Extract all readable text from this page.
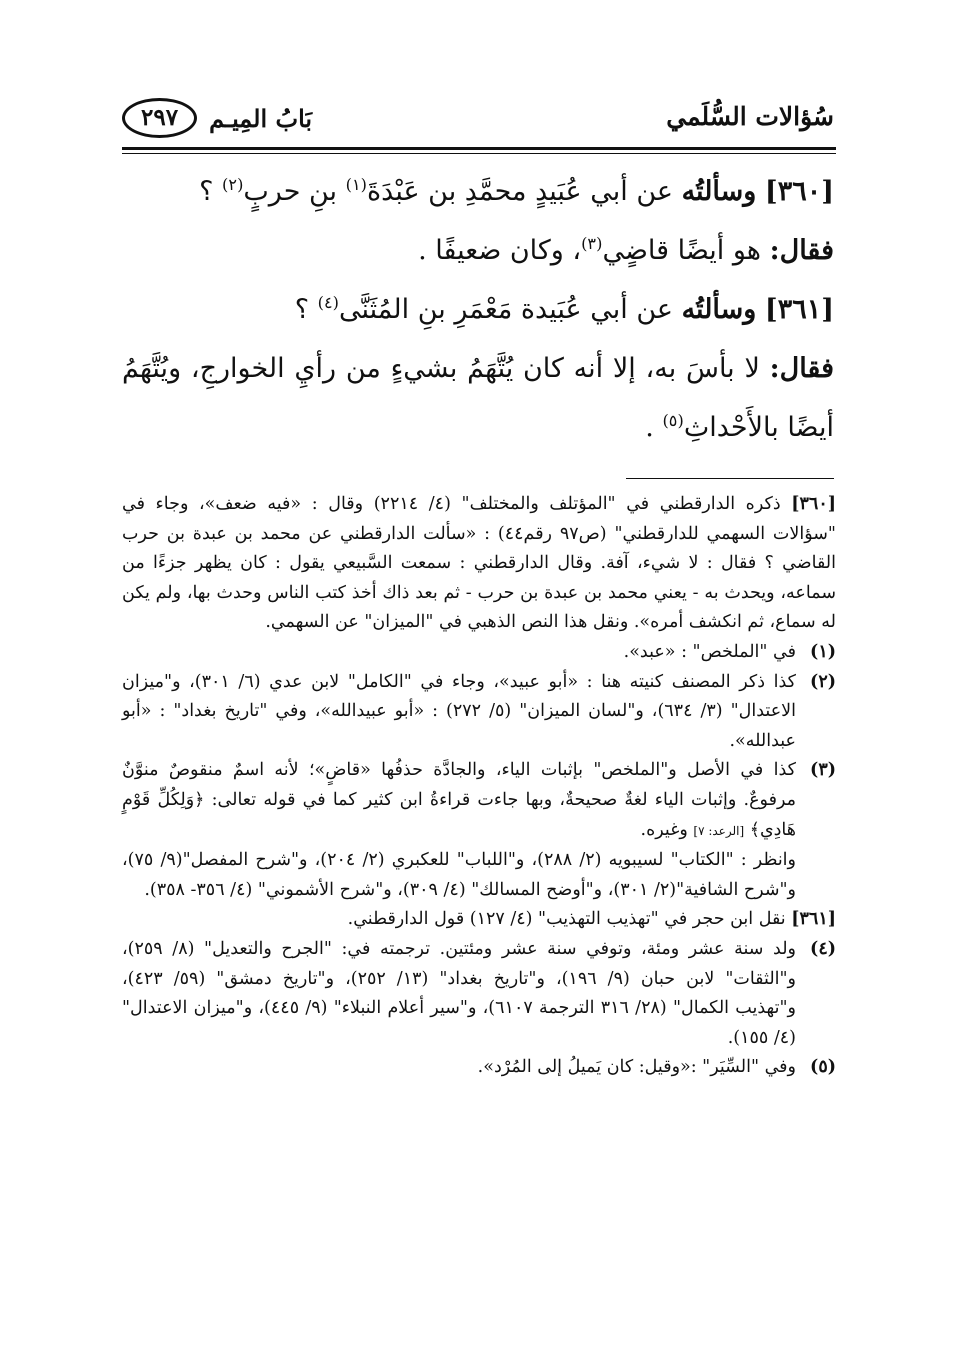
سُؤالات السُّلَمي
بَابُ المِيـم
٢٩٧

[٣٦٠] وسألتُه عن أبي عُبَيدٍ محمَّدِ بن عَبْدَةَ$^{(١)}$ بنِ حربٍ$^{(٢)}$ ؟

فقال: هو أيضًا قاضٍي$^{(٣)}$، وكان ضعيفًا .

[٣٦١] وسألتُه عن أبي عُبَيدة مَعْمَرِ بنِ المُثَنَّى$^{(٤)}$ ؟

فقال: لا بأسَ به، إلا أنه كان يُتَّهَمُ بشيءٍ من رأيِ الخوارجِ، ويُتَّهَمُ أيضًا بالأَحْداثِ$^{(٥)}$ .

[٣٦٠] ذكره الدارقطني في "المؤتلف والمختلف" (٤/ ٢٢١٤) وقال : «فيه ضعف»، وجاء في "سؤالات السهمي للدارقطني" (ص٩٧ رقم٤٤) : «سألت الدارقطني عن محمد بن عبدة بن حرب القاضي ؟ فقال : لا شيء، آفة. وقال الدارقطني : سمعت السَّبيعي يقول : كان يظهر جزءًا من سماعه، ويحدث به - يعني محمد بن عبدة بن حرب - ثم بعد ذاك أخذ كتب الناس وحدث بها، ولم يكن له سماع، ثم انكشف أمره». ونقل هذا النص الذهبي في "الميزان" عن السهمي.

(١)
في "الملخص" : «عبد».
(٢)
كذا ذكر المصنف كنيته هنا : «أبو عبيد»، وجاء في "الكامل" لابن عدي (٦/ ٣٠١)، و"ميزان الاعتدال" (٣/ ٦٣٤)، و"لسان الميزان" (٥/ ٢٧٢) : «أبو عبيدالله»، وفي "تاريخ بغداد" : «أبو عبدالله».
(٣)
كذا في الأصل و"الملخص" بإثبات الياء، والجادَّة حذفُها «قاضٍ»؛ لأنه اسمٌ منقوصٌ منوَّنٌ مرفوعٌ. وإثبات الياء لغةٌ صحيحةٌ، وبها جاءت قراءةُ ابن كثير كما في قوله تعالى: ﴿وَلِكُلِّ قَوْمٍ هَادِي﴾ [الرعد: ٧] وغيره.
وانظر : "الكتاب" لسيبويه (٢/ ٢٨٨)، و"اللباب" للعكبري (٢/ ٢٠٤)، و"شرح المفصل"(٩/ ٧٥)، و"شرح الشافية"(٢/ ٣٠١)، و"أوضح المسالك" (٤/ ٣٠٩)، و"شرح الأشموني" (٤/ ٣٥٦- ٣٥٨).

[٣٦١] نقل ابن حجر في "تهذيب التهذيب" (٤/ ١٢٧) قول الدارقطني.

(٤)
ولد سنة عشر ومئة، وتوفي سنة عشر ومئتين. ترجمته في: "الجرح والتعديل" (٨/ ٢٥٩)، و"الثقات" لابن حبان (٩/ ١٩٦)، و"تاريخ بغداد" (١٣/ ٢٥٢)، و"تاريخ دمشق" (٥٩/ ٤٢٣)، و"تهذيب الكمال" (٢٨/ ٣١٦ الترجمة ٦١٠٧)، و"سير أعلام النبلاء" (٩/ ٤٤٥)، و"ميزان الاعتدال" (٤/ ١٥٥).
(٥)
وفي "السِّيَر" :«وقيل: كان يَميلُ إلى المُرْد».
